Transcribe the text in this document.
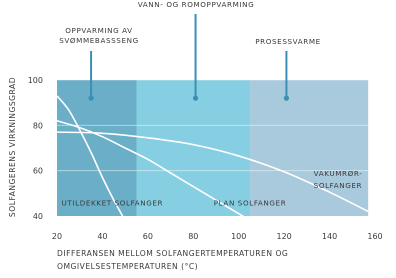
OPPVARMING AV SVØMMEBASSSENG
VANN- OG ROMOPPVARMING
PROSESSVARME
UTILDEKKET SOLFANGER	PLAN SOLFANGER
VAKUMRØR-SOLFANGER
40
60
80
100
20	40	60	80	100	120	140	160
SOLFANGERENS VIRKNINGSGRAD
DIFFERANSEN MELLOM SOLFANGERTEMPERATUREN OG OMGIVELSESTEMPERATUREN (°C)
